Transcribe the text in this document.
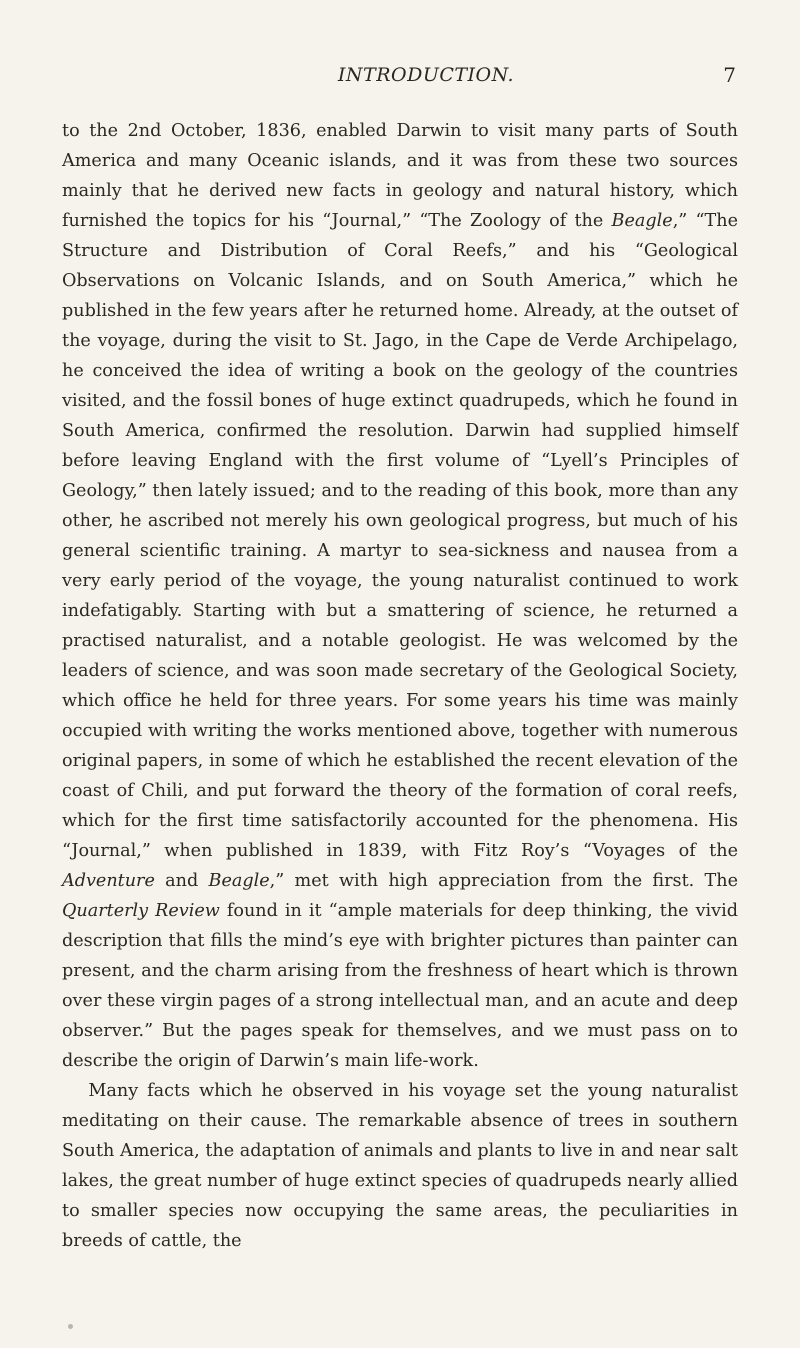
INTRODUCTION.	7

to the 2nd October, 1836, enabled Darwin to visit many parts of South America and many Oceanic islands, and it was from these two sources mainly that he derived new facts in geology and natural history, which furnished the topics for his “Journal,” “The Zoology of the Beagle,” “The Structure and Distribution of Coral Reefs,” and his “Geological Observations on Volcanic Islands, and on South America,” which he published in the few years after he returned home. Already, at the outset of the voyage, during the visit to St. Jago, in the Cape de Verde Archipelago, he conceived the idea of writing a book on the geology of the countries visited, and the fossil bones of huge extinct quadrupeds, which he found in South America, confirmed the resolution. Darwin had supplied himself before leaving England with the first volume of “Lyell’s Principles of Geology,” then lately issued; and to the reading of this book, more than any other, he ascribed not merely his own geological progress, but much of his general scientific training. A martyr to sea-sickness and nausea from a very early period of the voyage, the young naturalist continued to work indefatigably. Starting with but a smattering of science, he returned a practised naturalist, and a notable geologist. He was welcomed by the leaders of science, and was soon made secretary of the Geological Society, which office he held for three years. For some years his time was mainly occupied with writing the works mentioned above, together with numerous original papers, in some of which he established the recent elevation of the coast of Chili, and put forward the theory of the formation of coral reefs, which for the first time satisfactorily accounted for the phenomena. His “Journal,” when published in 1839, with Fitz Roy’s “Voyages of the Adventure and Beagle,” met with high appreciation from the first. The Quarterly Review found in it “ample materials for deep thinking, the vivid description that fills the mind’s eye with brighter pictures than painter can present, and the charm arising from the freshness of heart which is thrown over these virgin pages of a strong intellectual man, and an acute and deep observer.” But the pages speak for themselves, and we must pass on to describe the origin of Darwin’s main life-work.

Many facts which he observed in his voyage set the young naturalist meditating on their cause. The remarkable absence of trees in southern South America, the adaptation of animals and plants to live in and near salt lakes, the great number of huge extinct species of quadrupeds nearly allied to smaller species now occupying the same areas, the peculiarities in breeds of cattle, the
